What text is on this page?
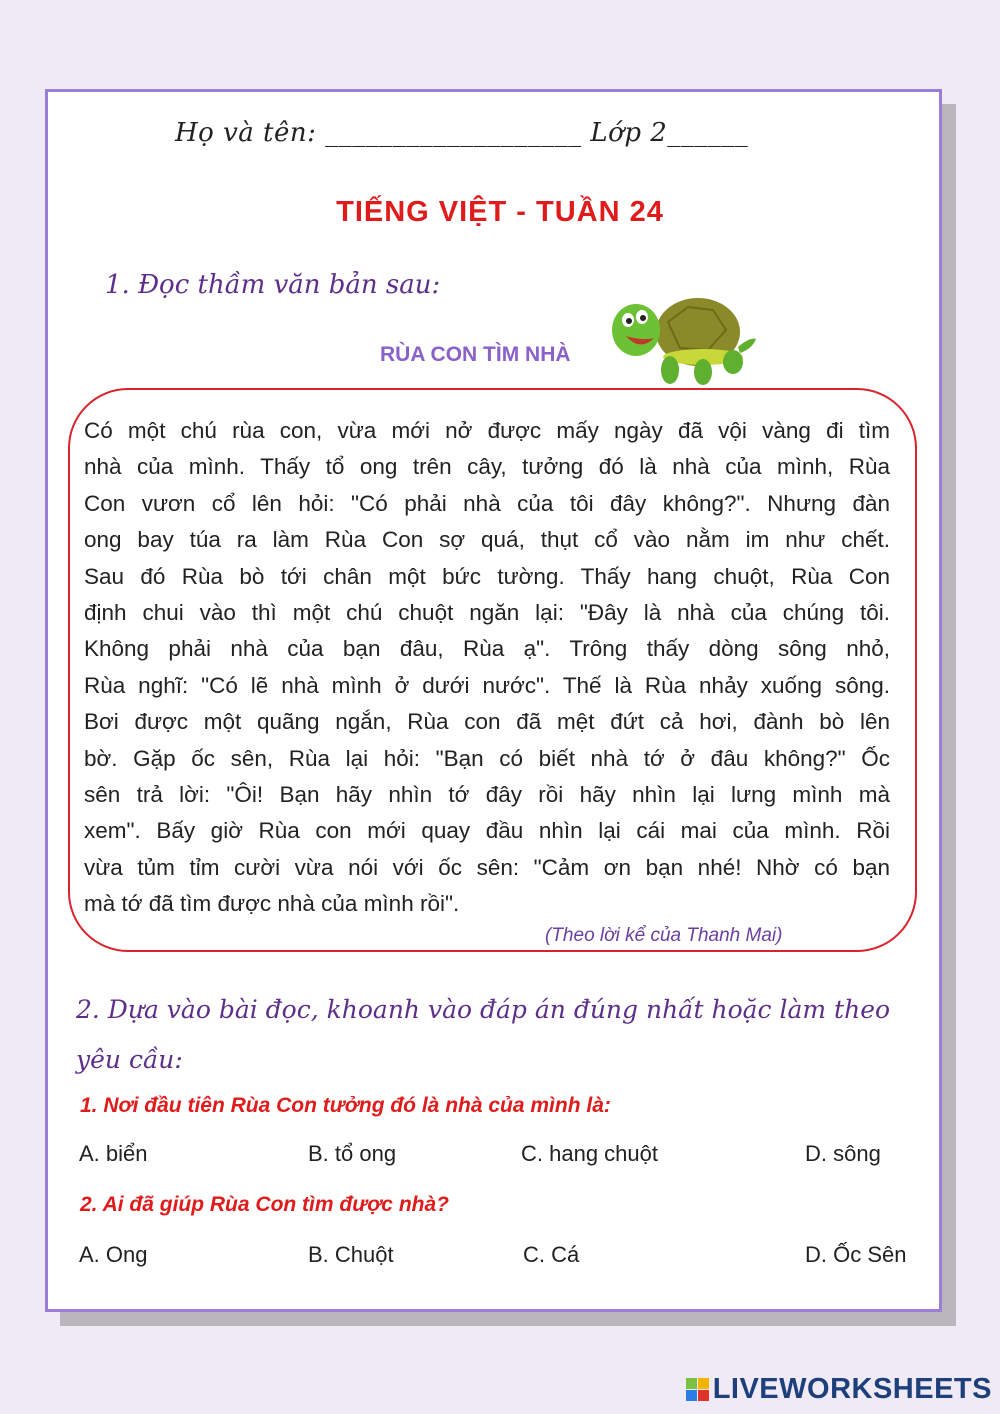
Họ và tên: ___________________ Lớp 2______
TIẾNG VIỆT - TUẦN 24
1. Đọc thầm văn bản sau:
RÙA CON TÌM NHÀ
Có một chú rùa con, vừa mới nở được mấy ngày đã vội vàng đi tìm
nhà của mình. Thấy tổ ong trên cây, tưởng đó là nhà của mình, Rùa
Con vươn cổ lên hỏi: "Có phải nhà của tôi đây không?". Nhưng đàn
ong bay túa ra làm Rùa Con sợ quá, thụt cổ vào nằm im như chết.
Sau đó Rùa bò tới chân một bức tường. Thấy hang chuột, Rùa Con
định chui vào thì một chú chuột ngăn lại: "Đây là nhà của chúng tôi.
Không phải nhà của bạn đâu, Rùa ạ". Trông thấy dòng sông nhỏ,
Rùa nghĩ: "Có lẽ nhà mình ở dưới nước". Thế là Rùa nhảy xuống sông.
Bơi được một quãng ngắn, Rùa con đã mệt đứt cả hơi, đành bò lên
bờ. Gặp ốc sên, Rùa lại hỏi: "Bạn có biết nhà tớ ở đâu không?" Ốc
sên trả lời: "Ôi! Bạn hãy nhìn tớ đây rồi hãy nhìn lại lưng mình mà
xem". Bấy giờ Rùa con mới quay đầu nhìn lại cái mai của mình. Rồi
vừa tủm tỉm cười vừa nói với ốc sên: "Cảm ơn bạn nhé! Nhờ có bạn
mà tớ đã tìm được nhà của mình rồi".
(Theo lời kể của Thanh Mai)
2. Dựa vào bài đọc, khoanh vào đáp án đúng nhất hoặc làm theo yêu cầu:
1. Nơi đầu tiên Rùa Con tưởng đó là nhà của mình là:
A. biển	B. tổ ong	C. hang chuột	D. sông
2. Ai đã giúp Rùa Con tìm được nhà?
A. Ong	B. Chuột	C. Cá	D. Ốc Sên
LIVEWORKSHEETS
